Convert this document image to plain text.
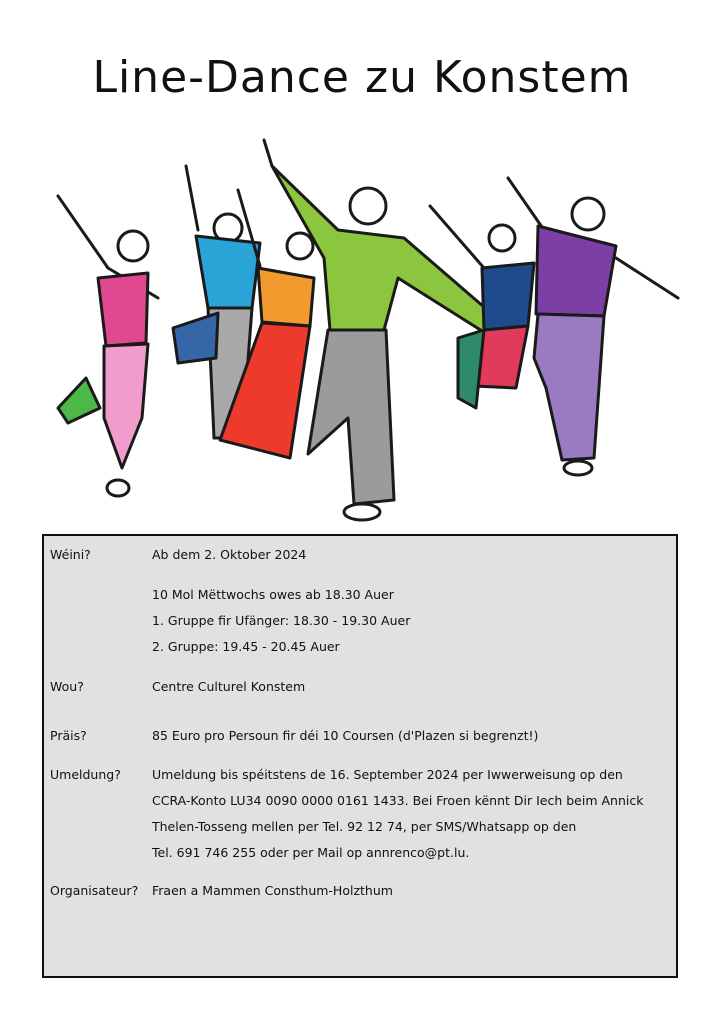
Line-Dance zu Konstem
Wéini?	Ab dem 2. Oktober 2024
10 Mol Mëttwochs owes ab 18.30 Auer
1. Gruppe fir Ufänger: 18.30 - 19.30 Auer
2. Gruppe: 19.45 - 20.45 Auer
Wou?	Centre Culturel Konstem
Präis?	85 Euro pro Persoun fir déi 10 Coursen (d'Plazen si begrenzt!)
Umeldung? Umeldung bis spéitstens de 16. September 2024 per Iwwerweisung op den
CCRA-Konto LU34 0090 0000 0161 1433. Bei Froen kënnt Dir Iech beim Annick
Thelen-Tosseng mellen per Tel. 92 12 74, per SMS/Whatsapp op den
Tel. 691 746 255 oder per Mail op annrenco@pt.lu.
Organisateur? Fraen a Mammen Consthum-Holzthum
